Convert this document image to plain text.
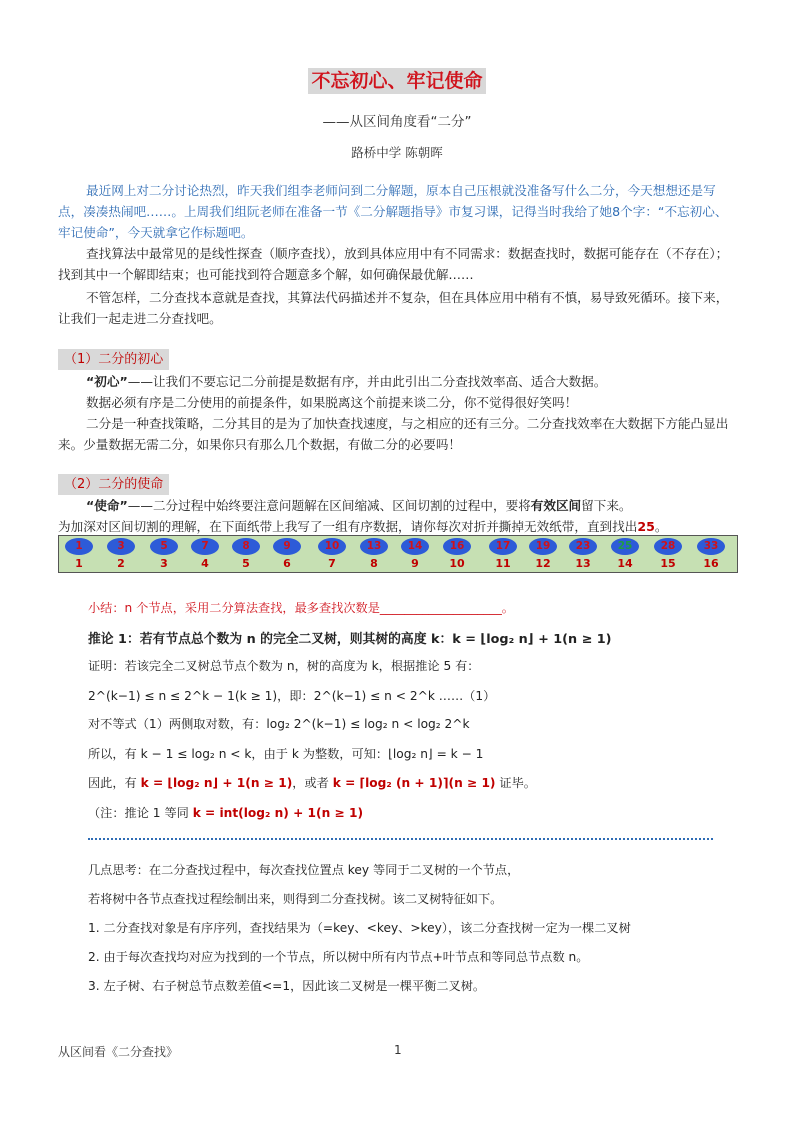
不忘初心、牢记使命
——从区间角度看“二分”
路桥中学 陈朝晖
最近网上对二分讨论热烈，昨天我们组李老师问到二分解题，原本自己压根就没准备写什么二分，今天想想还是写点，凑凑热闹吧……。上周我们组阮老师在准备一节《二分解题指导》市复习课，记得当时我给了她8个字：“不忘初心、牢记使命”，今天就拿它作标题吧。
查找算法中最常见的是线性探查（顺序查找），放到具体应用中有不同需求：数据查找时，数据可能存在（不存在）；找到其中一个解即结束；也可能找到符合题意多个解，如何确保最优解……
不管怎样，二分查找本意就是查找，其算法代码描述并不复杂，但在具体应用中稍有不慎，易导致死循环。接下来，让我们一起走进二分查找吧。
（1）二分的初心
“初心”——让我们不要忘记二分前提是数据有序，并由此引出二分查找效率高、适合大数据。
数据必须有序是二分使用的前提条件，如果脱离这个前提来谈二分，你不觉得很好笑吗！
二分是一种查找策略，二分其目的是为了加快查找速度，与之相应的还有三分。二分查找效率在大数据下方能凸显出来。少量数据无需二分，如果你只有那么几个数据，有做二分的必要吗！
（2）二分的使命
“使命”——二分过程中始终要注意问题解在区间缩减、区间切割的过程中，要将有效区间留下来。
为加深对区间切割的理解，在下面纸带上我写了一组有序数据，请你每次对折并撕掉无效纸带，直到找出25。
1
1
3
2
5
3
7
4
8
5
9
6
10
7
13
8
14
9
16
10
17
11
19
12
23
13
25
14
28
15
33
16
小结：n 个节点，采用二分算法查找，最多查找次数是____________________。
推论 1：若有节点总个数为 n 的完全二叉树，则其树的高度 k：k = ⌊log₂ n⌋ + 1(n ≥ 1)
证明：若该完全二叉树总节点个数为 n，树的高度为 k，根据推论 5 有：
2^(k−1) ≤ n ≤ 2^k − 1(k ≥ 1)，即：2^(k−1) ≤ n < 2^k ……（1）
对不等式（1）两侧取对数，有：log₂ 2^(k−1) ≤ log₂ n < log₂ 2^k
所以，有 k − 1 ≤ log₂ n < k，由于 k 为整数，可知：⌊log₂ n⌋ = k − 1
因此，有 k = ⌊log₂ n⌋ + 1(n ≥ 1)，或者 k = ⌈log₂ (n + 1)⌉(n ≥ 1) 证毕。
（注：推论 1 等同 k = int(log₂ n) + 1(n ≥ 1)
几点思考：在二分查找过程中，每次查找位置点 key 等同于二叉树的一个节点，
若将树中各节点查找过程绘制出来，则得到二分查找树。该二叉树特征如下。
1. 二分查找对象是有序序列，查找结果为（=key、<key、>key），该二分查找树一定为一棵二叉树
2. 由于每次查找均对应为找到的一个节点，所以树中所有内节点+叶节点和等同总节点数 n。
3. 左子树、右子树总节点数差值<=1，因此该二叉树是一棵平衡二叉树。
从区间看《二分查找》	1
